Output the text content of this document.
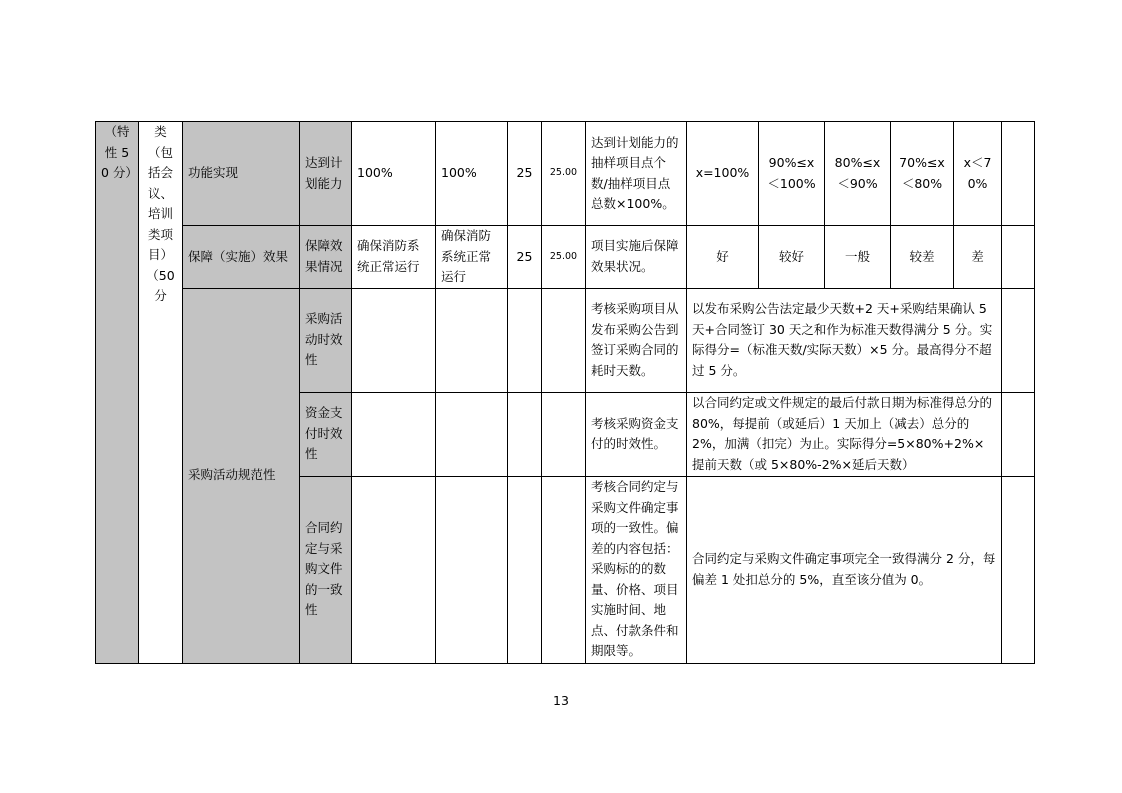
（特性 50 分）	类（包括会议、培训类项目）（50 分	功能实现	达到计划能力	100%	100%	25	25.00	达到计划能力的抽样项目点个数/抽样项目点总数×100%。	x=100%	90%≤x＜100%	80%≤x＜90%	70%≤x＜80%	x＜70%	
		保障（实施）效果	保障效果情况	确保消防系统正常运行	确保消防系统正常运行	25	25.00	项目实施后保障效果状况。	好	较好	一般	较差	差	
		采购活动规范性	采购活动时效性					考核采购项目从发布采购公告到签订采购合同的耗时天数。	以发布采购公告法定最少天数+2 天+采购结果确认 5 天+合同签订 30 天之和作为标准天数得满分 5 分。实际得分=（标准天数/实际天数）×5 分。最高得分不超过 5 分。					
			资金支付时效性					考核采购资金支付的时效性。	以合同约定或文件规定的最后付款日期为标准得总分的 80%，每提前（或延后）1 天加上（减去）总分的 2%，加满（扣完）为止。实际得分=5×80%+2%×提前天数（或 5×80%-2%×延后天数）					
			合同约定与采购文件的一致性					考核合同约定与采购文件确定事项的一致性。偏差的内容包括：采购标的的数量、价格、项目实施时间、地点、付款条件和期限等。	合同约定与采购文件确定事项完全一致得满分 2 分，每偏差 1 处扣总分的 5%，直至该分值为 0。					
13
